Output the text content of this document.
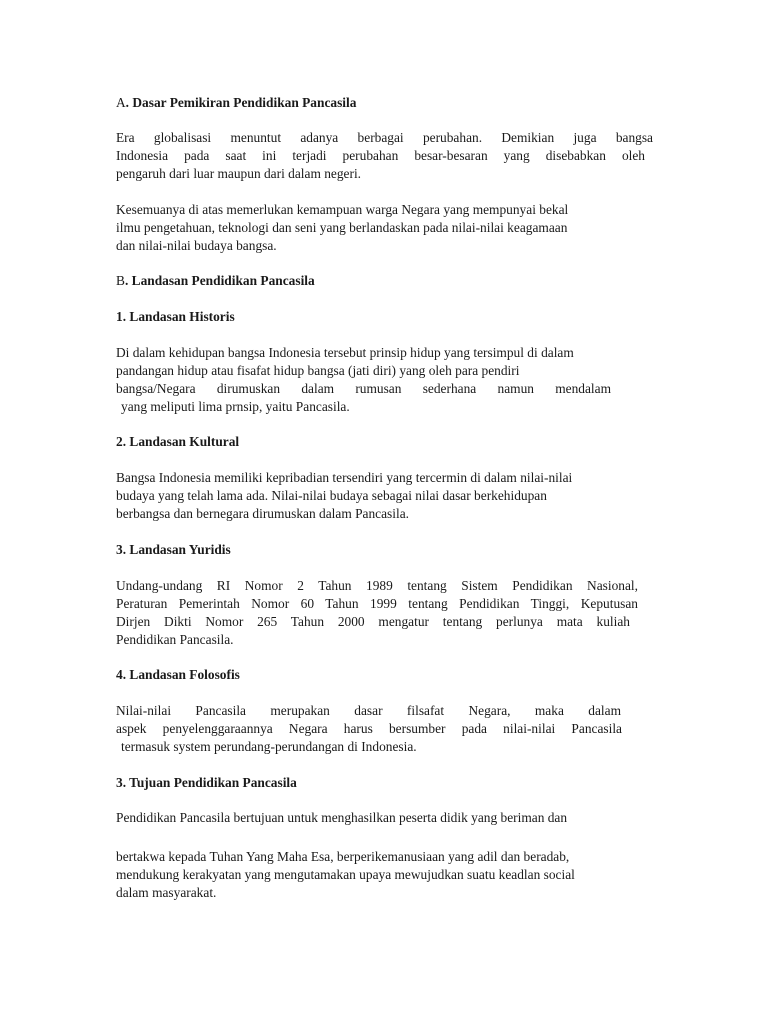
A. Dasar Pemikiran Pendidikan Pancasila

Era globalisasi menuntut adanya berbagai perubahan. Demikian juga bangsa

Indonesia pada saat ini terjadi perubahan besar-besaran yang disebabkan oleh

pengaruh dari luar maupun dari dalam negeri.

Kesemuanya di atas memerlukan kemampuan warga Negara yang mempunyai bekal

ilmu pengetahuan, teknologi dan seni yang berlandaskan pada nilai-nilai keagamaan

dan nilai-nilai budaya bangsa.

B. Landasan Pendidikan Pancasila

1. Landasan Historis

Di dalam kehidupan bangsa Indonesia tersebut prinsip hidup yang tersimpul di dalam

pandangan hidup atau fisafat hidup bangsa (jati diri) yang oleh para pendiri

bangsa/Negara dirumuskan dalam rumusan sederhana namun mendalam

yang meliputi lima prnsip, yaitu Pancasila.

2. Landasan Kultural

Bangsa Indonesia memiliki kepribadian tersendiri yang tercermin di dalam nilai-nilai

budaya yang telah lama ada. Nilai-nilai budaya sebagai nilai dasar berkehidupan

berbangsa dan bernegara dirumuskan dalam Pancasila.

3. Landasan Yuridis

Undang-undang RI Nomor 2 Tahun 1989 tentang Sistem Pendidikan Nasional,

Peraturan Pemerintah Nomor 60 Tahun 1999 tentang Pendidikan Tinggi, Keputusan

Dirjen Dikti Nomor 265 Tahun 2000 mengatur tentang perlunya mata kuliah

Pendidikan Pancasila.

4. Landasan Folosofis

Nilai-nilai Pancasila merupakan dasar filsafat Negara, maka dalam

aspek penyelenggaraannya Negara harus bersumber pada nilai-nilai Pancasila

termasuk system perundang-perundangan di Indonesia.

3. Tujuan Pendidikan Pancasila

Pendidikan Pancasila bertujuan untuk menghasilkan peserta didik yang beriman dan

bertakwa kepada Tuhan Yang Maha Esa, berperikemanusiaan yang adil dan beradab,

mendukung kerakyatan yang mengutamakan upaya mewujudkan suatu keadlan social

dalam masyarakat.
